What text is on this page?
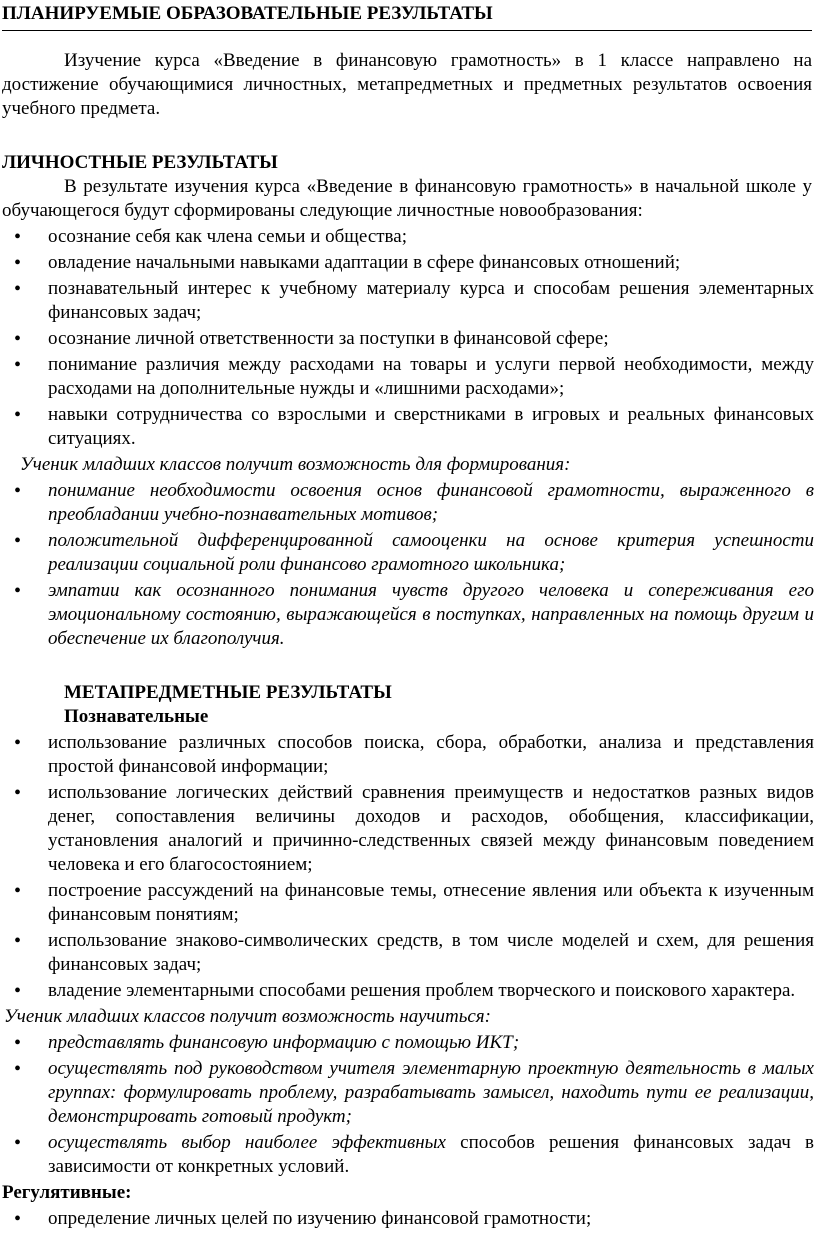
ПЛАНИРУЕМЫЕ ОБРАЗОВАТЕЛЬНЫЕ РЕЗУЛЬТАТЫ

Изучение курса «Введение в финансовую грамотность» в 1 классе направлено на достижение обучающимися личностных, метапредметных и предметных результатов освоения учебного предмета.

ЛИЧНОСТНЫЕ РЕЗУЛЬТАТЫ

В результате изучения курса «Введение в финансовую грамотность» в начальной школе у обучающегося будут сформированы следующие личностные новообразования:

• осознание себя как члена семьи и общества;
• овладение начальными навыками адаптации в сфере финансовых отношений;
• познавательный интерес к учебному материалу курса и способам решения элементарных финансовых задач;
• осознание личной ответственности за поступки в финансовой сфере;
• понимание различия между расходами на товары и услуги первой необходимости, между расходами на дополнительные нужды и «лишними расходами»;
• навыки сотрудничества со взрослыми и сверстниками в игровых и реальных финансовых ситуациях.
Ученик младших классов получит возможность для формирования:
• понимание необходимости освоения основ финансовой грамотности, выраженного в преобладании учебно-познавательных мотивов;
• положительной дифференцированной самооценки на основе критерия успешности реализации социальной роли финансово грамотного школьника;
• эмпатии как осознанного понимания чувств другого человека и сопереживания его эмоциональному состоянию, выражающейся в поступках, направленных на помощь другим и обеспечение их благополучия.
МЕТАПРЕДМЕТНЫЕ РЕЗУЛЬТАТЫ
Познавательные
• использование различных способов поиска, сбора, обработки, анализа и представления простой финансовой информации;
• использование логических действий сравнения преимуществ и недостатков разных видов денег, сопоставления величины доходов и расходов, обобщения, классификации, установления аналогий и причинно-следственных связей между финансовым поведением человека и его благосостоянием;
• построение рассуждений на финансовые темы, отнесение явления или объекта к изученным финансовым понятиям;
• использование знаково-символических средств, в том числе моделей и схем, для решения финансовых задач;
• владение элементарными способами решения проблем творческого и поискового характера.
Ученик младших классов получит возможность научиться:
• представлять финансовую информацию с помощью ИКТ;
• осуществлять под руководством учителя элементарную проектную деятельность в малых группах: формулировать проблему, разрабатывать замысел, находить пути ее реализации, демонстрировать готовый продукт;
• осуществлять выбор наиболее эффективных способов решения финансовых задач в зависимости от конкретных условий.
Регулятивные:
• определение личных целей по изучению финансовой грамотности;
